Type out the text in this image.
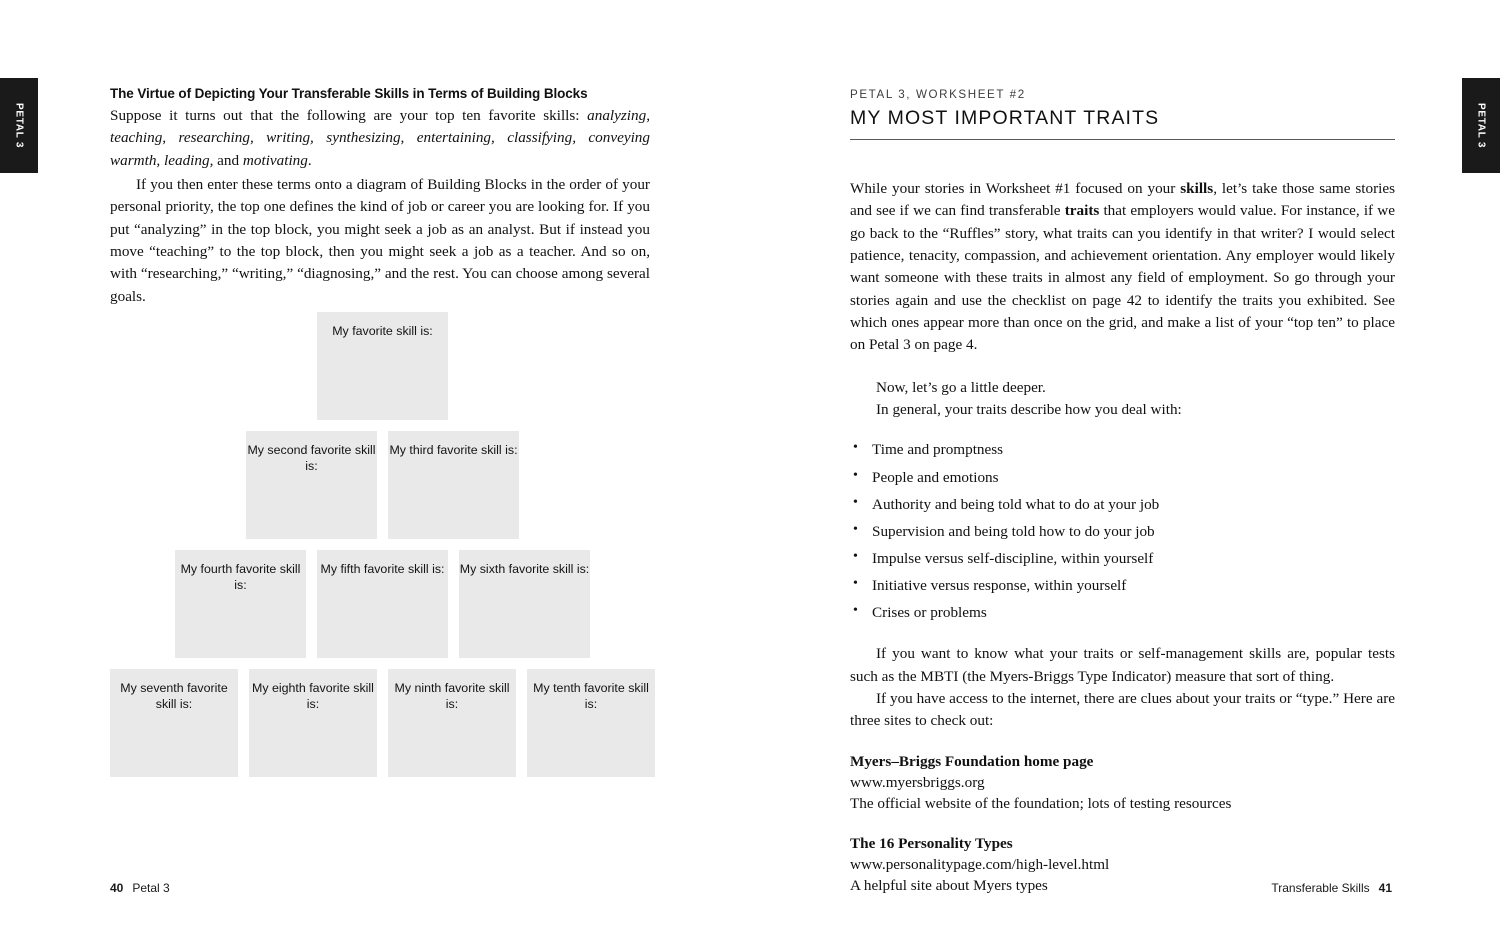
PETAL 3	PETAL 3
The Virtue of Depicting Your Transferable Skills in Terms of Building Blocks

Suppose it turns out that the following are your top ten favorite skills: analyzing, teaching, researching, writing, synthesizing, entertaining, classifying, conveying warmth, leading, and motivating.

If you then enter these terms onto a diagram of Building Blocks in the order of your personal priority, the top one defines the kind of job or career you are looking for. If you put “analyzing” in the top block, you might seek a job as an analyst. But if instead you move “teaching” to the top block, then you might seek a job as a teacher. And so on, with “researching,” “writing,” “diagnosing,” and the rest. You can choose among several goals.

My favorite skill is:
My second favorite skill is:
My third favorite skill is:
My fourth favorite skill is:
My fifth favorite skill is: My sixth favorite skill is:
My seventh favorite skill is:
My eighth favorite skill is:
My ninth favorite skill is:
My tenth favorite skill is:
40 Petal 3
PETAL 3, WORKSHEET #2
MY MOST IMPORTANT TRAITS

While your stories in Worksheet #1 focused on your skills, let’s take those same stories and see if we can find transferable traits that employers would value. For instance, if we go back to the “Ruffles” story, what traits can you identify in that writer? I would select patience, tenacity, compassion, and achievement orientation. Any employer would likely want someone with these traits in almost any field of employment. So go through your stories again and use the checklist on page 42 to identify the traits you exhibited. See which ones appear more than once on the grid, and make a list of your “top ten” to place on Petal 3 on page 4.

Now, let’s go a little deeper.

In general, your traits describe how you deal with:

• Time and promptness
• People and emotions
• Authority and being told what to do at your job
• Supervision and being told how to do your job
• Impulse versus self-discipline, within yourself
• Initiative versus response, within yourself
• Crises or problems

If you want to know what your traits or self-management skills are, popular tests such as the MBTI (the Myers-Briggs Type Indicator) measure that sort of thing.

If you have access to the internet, there are clues about your traits or “type.” Here are three sites to check out:

Myers–Briggs Foundation home page

www.myersbriggs.org

The official website of the foundation; lots of testing resources

The 16 Personality Types

www.personalitypage.com/high-level.html

A helpful site about Myers types	Transferable Skills 41
